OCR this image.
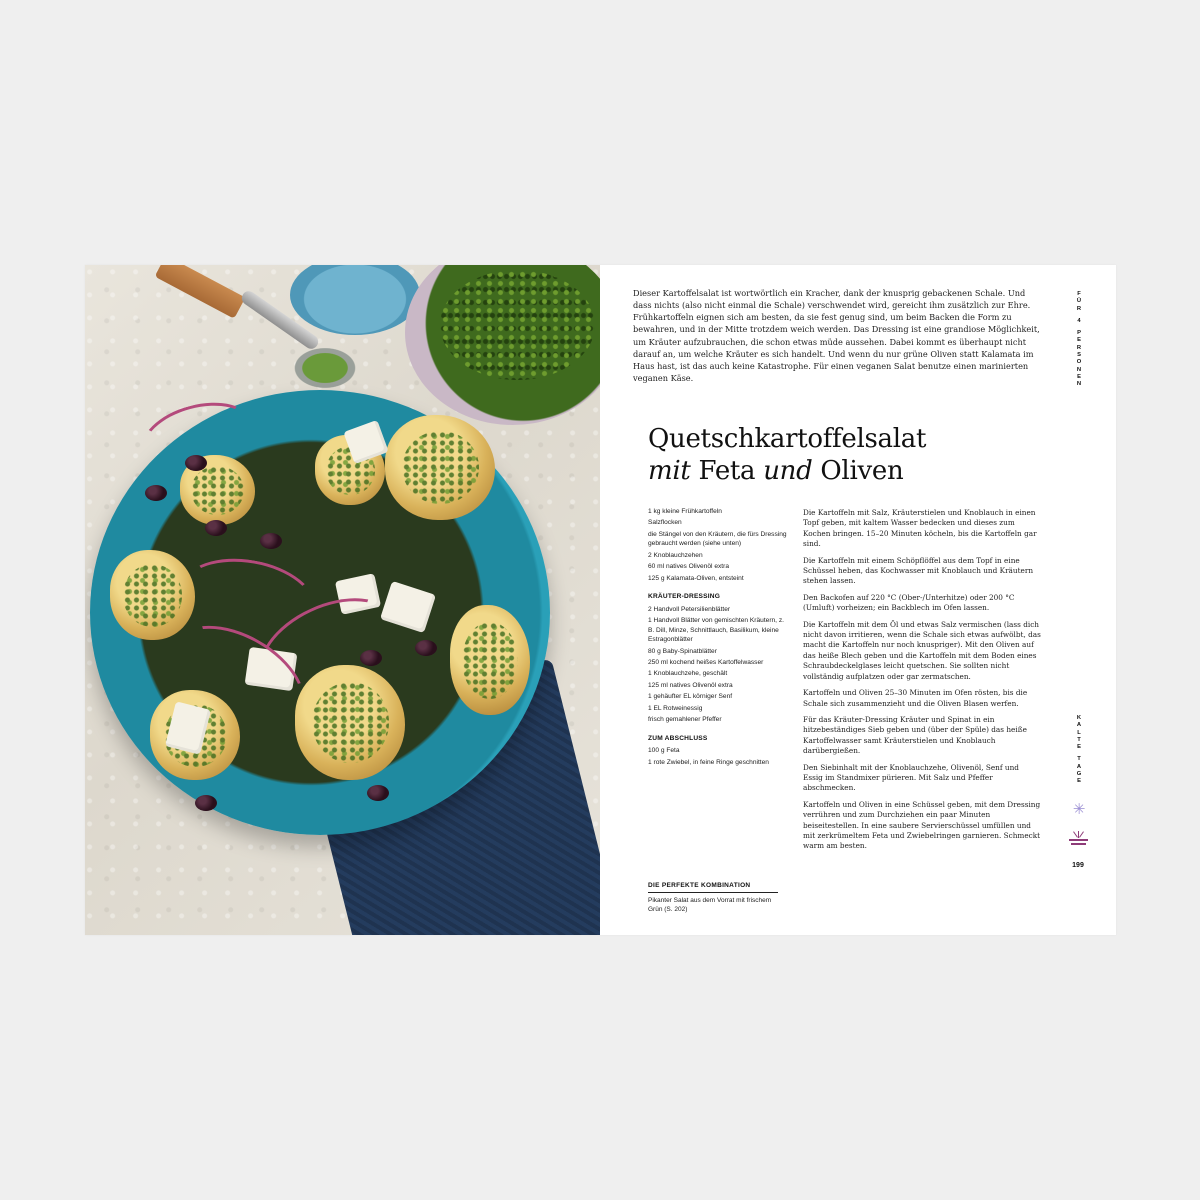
Dieser Kartoffelsalat ist wortwörtlich ein Kracher, dank der knusprig gebackenen Schale. Und dass nichts (also nicht einmal die Schale) verschwendet wird, gereicht ihm zusätzlich zur Ehre. Frühkartoffeln eignen sich am besten, da sie fest genug sind, um beim Backen die Form zu bewahren, und in der Mitte trotzdem weich werden. Das Dressing ist eine grandiose Möglichkeit, um Kräuter aufzubrauchen, die schon etwas müde aussehen. Dabei kommt es überhaupt nicht darauf an, um welche Kräuter es sich handelt. Und wenn du nur grüne Oliven statt Kalamata im Haus hast, ist das auch keine Katastrophe. Für einen veganen Salat benutze einen marinierten veganen Käse.

Quetschkartoffelsalat
mit Feta und Oliven
1 kg kleine Frühkartoffeln
Salzflocken
die Stängel von den Kräutern, die fürs Dressing gebraucht werden (siehe unten)
2 Knoblauchzehen
60 ml natives Olivenöl extra
125 g Kalamata-Oliven, entsteint
KRÄUTER-DRESSING
2 Handvoll Petersilienblätter
1 Handvoll Blätter von gemischten Kräutern, z. B. Dill, Minze, Schnittlauch, Basilikum, kleine Estragonblätter
80 g Baby-Spinatblätter
250 ml kochend heißes Kartoffelwasser
1 Knoblauchzehe, geschält
125 ml natives Olivenöl extra
1 gehäufter EL körniger Senf
1 EL Rotweinessig
frisch gemahlener Pfeffer
ZUM ABSCHLUSS
100 g Feta
1 rote Zwiebel, in feine Ringe geschnitten

Die Kartoffeln mit Salz, Kräuterstielen und Knoblauch in einen Topf geben, mit kaltem Wasser bedecken und dieses zum Kochen bringen. 15–20 Minuten köcheln, bis die Kartoffeln gar sind.

Die Kartoffeln mit einem Schöpflöffel aus dem Topf in eine Schüssel heben, das Kochwasser mit Knoblauch und Kräutern stehen lassen.

Den Backofen auf 220 °C (Ober-/Unterhitze) oder 200 °C (Umluft) vorheizen; ein Backblech im Ofen lassen.

Die Kartoffeln mit dem Öl und etwas Salz vermischen (lass dich nicht davon irritieren, wenn die Schale sich etwas aufwölbt, das macht die Kartoffeln nur noch knuspriger). Mit den Oliven auf das heiße Blech geben und die Kartoffeln mit dem Boden eines Schraubdeckelglases leicht quetschen. Sie sollten nicht vollständig aufplatzen oder gar zermatschen.

Kartoffeln und Oliven 25–30 Minuten im Ofen rösten, bis die Schale sich zusammenzieht und die Oliven Blasen werfen.

Für das Kräuter-Dressing Kräuter und Spinat in ein hitzebeständiges Sieb geben und (über der Spüle) das heiße Kartoffelwasser samt Kräuterstielen und Knoblauch darübergießen.

Den Siebinhalt mit der Knoblauchzehe, Olivenöl, Senf und Essig im Standmixer pürieren. Mit Salz und Pfeffer abschmecken.

Kartoffeln und Oliven in eine Schüssel geben, mit dem Dressing verrühren und zum Durchziehen ein paar Minuten beiseitestellen. In eine saubere Servierschüssel umfüllen und mit zerkrümeltem Feta und Zwiebelringen garnieren. Schmeckt warm am besten.

DIE PERFEKTE KOMBINATION
Pikanter Salat aus dem Vorrat mit frischem Grün (S. 202)
F
Ü
R
4
P
E
R
S
O
N
E
N
K
A
L
T
E
T
A
G
E
✳
199
